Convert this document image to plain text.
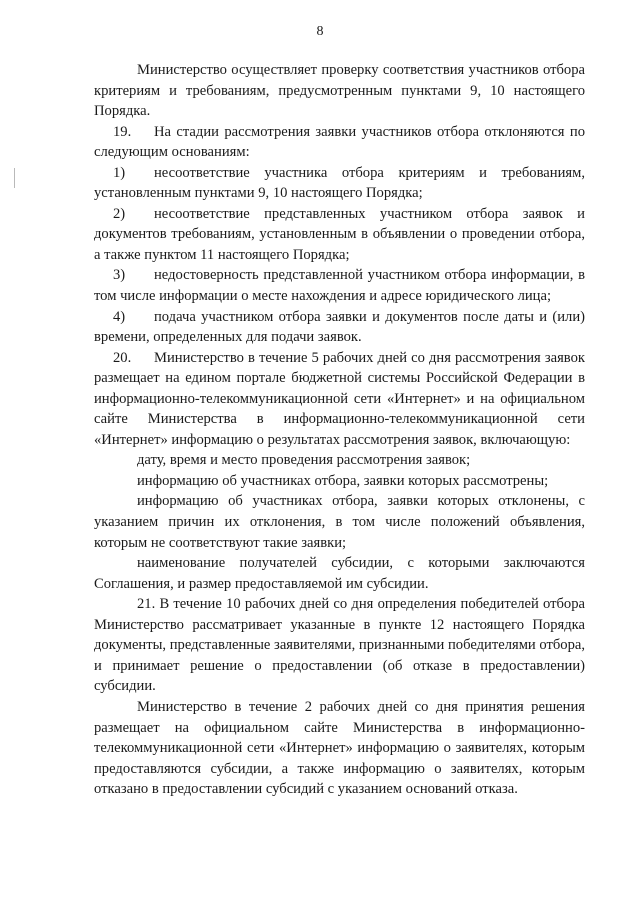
8

Министерство осуществляет проверку соответствия участников отбора критериям и требованиям, предусмотренным пунктами 9, 10 настоящего Порядка.

19. На стадии рассмотрения заявки участников отбора отклоняются по следующим основаниям:

1) несоответствие участника отбора критериям и требованиям, установленным пунктами 9, 10 настоящего Порядка;

2) несоответствие представленных участником отбора заявок и документов требованиям, установленным в объявлении о проведении отбора, а также пунктом 11 настоящего Порядка;

3) недостоверность представленной участником отбора информации, в том числе информации о месте нахождения и адресе юридического лица;

4) подача участником отбора заявки и документов после даты и (или) времени, определенных для подачи заявок.

20. Министерство в течение 5 рабочих дней со дня рассмотрения заявок размещает на едином портале бюджетной системы Российской Федерации в информационно-телекоммуникационной сети «Интернет» и на официальном сайте Министерства в информационно-телекоммуникационной сети «Интернет» информацию о результатах рассмотрения заявок, включающую:

дату, время и место проведения рассмотрения заявок;

информацию об участниках отбора, заявки которых рассмотрены;

информацию об участниках отбора, заявки которых отклонены, с указанием причин их отклонения, в том числе положений объявления, которым не соответствуют такие заявки;

наименование получателей субсидии, с которыми заключаются Соглашения, и размер предоставляемой им субсидии.

21. В течение 10 рабочих дней со дня определения победителей отбора Министерство рассматривает указанные в пункте 12 настоящего Порядка документы, представленные заявителями, признанными победителями отбора, и принимает решение о предоставлении (об отказе в предоставлении) субсидии.

Министерство в течение 2 рабочих дней со дня принятия решения размещает на официальном сайте Министерства в информационно-телекоммуникационной сети «Интернет» информацию о заявителях, которым предоставляются субсидии, а также информацию о заявителях, которым отказано в предоставлении субсидий с указанием оснований отказа.
